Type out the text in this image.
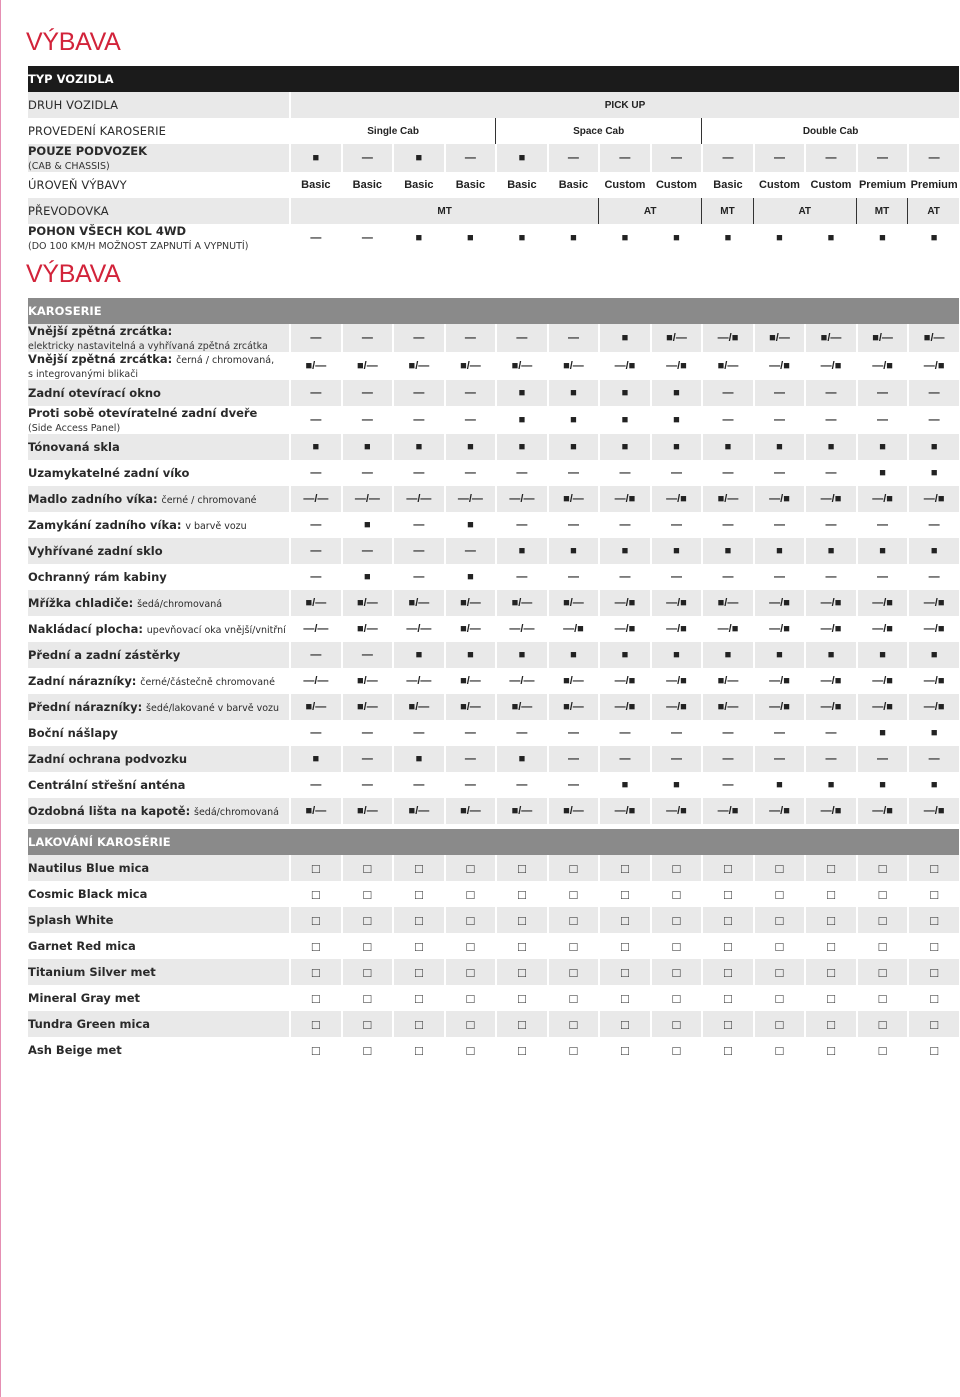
VÝBAVA
TYP VOZIDLA													
DRUH VOZIDLA	PICK UP												
PROVEDENÍ KAROSERIE	Single Cab				Space Cab				Double Cab				
POUZE PODVOZEK
(CAB & CHASSIS)	■	—	■	—	■	—	—	—	—	—	—	—	—
ÚROVEŇ VÝBAVY	Basic	Basic	Basic	Basic	Basic	Basic	Custom	Custom	Basic	Custom	Custom	Premium	Premium
PŘEVODOVKA	MT						AT		MT	AT		MT	AT
POHON VŠECH KOL 4WD
(DO 100 KM/H MOŽNOST ZAPNUTÍ A VYPNUTÍ)	—	—	■	■	■	■	■	■	■	■	■	■	■
VÝBAVA
KAROSERIE													
Vnější zpětná zrcátka:
elektricky nastavitelná a vyhřívaná zpětná zrcátka	—	—	—	—	—	—	■	■/—	—/■	■/—	■/—	■/—	■/—
Vnější zpětná zrcátka: černá / chromovaná,
s integrovanými blikači	■/—	■/—	■/—	■/—	■/—	■/—	—/■	—/■	■/—	—/■	—/■	—/■	—/■
Zadní otevírací okno	—	—	—	—	■	■	■	■	—	—	—	—	—
Proti sobě otevíratelné zadní dveře
(Side Access Panel)	—	—	—	—	■	■	■	■	—	—	—	—	—
Tónovaná skla	■	■	■	■	■	■	■	■	■	■	■	■	■
Uzamykatelné zadní víko	—	—	—	—	—	—	—	—	—	—	—	■	■
Madlo zadního víka: černé / chromované	—/—	—/—	—/—	—/—	—/—	■/—	—/■	—/■	■/—	—/■	—/■	—/■	—/■
Zamykání zadního víka: v barvě vozu	—	■	—	■	—	—	—	—	—	—	—	—	—
Vyhřívané zadní sklo	—	—	—	—	■	■	■	■	■	■	■	■	■
Ochranný rám kabiny	—	■	—	■	—	—	—	—	—	—	—	—	—
Mřížka chladiče: šedá/chromovaná	■/—	■/—	■/—	■/—	■/—	■/—	—/■	—/■	■/—	—/■	—/■	—/■	—/■
Nakládací plocha: upevňovací oka vnější/vnitřní	—/—	■/—	—/—	■/—	—/—	—/■	—/■	—/■	—/■	—/■	—/■	—/■	—/■
Přední a zadní zástěrky	—	—	■	■	■	■	■	■	■	■	■	■	■
Zadní nárazníky: černé/částečně chromované	—/—	■/—	—/—	■/—	—/—	■/—	—/■	—/■	■/—	—/■	—/■	—/■	—/■
Přední nárazníky: šedé/lakované v barvě vozu	■/—	■/—	■/—	■/—	■/—	■/—	—/■	—/■	■/—	—/■	—/■	—/■	—/■
Boční nášlapy	—	—	—	—	—	—	—	—	—	—	—	■	■
Zadní ochrana podvozku	■	—	■	—	■	—	—	—	—	—	—	—	—
Centrální střešní anténa	—	—	—	—	—	—	■	■	—	■	■	■	■
Ozdobná lišta na kapotě: šedá/chromovaná	■/—	■/—	■/—	■/—	■/—	■/—	—/■	—/■	—/■	—/■	—/■	—/■	—/■
LAKOVÁNÍ KAROSÉRIE													
Nautilus Blue mica	□	□	□	□	□	□	□	□	□	□	□	□	□
Cosmic Black mica	□	□	□	□	□	□	□	□	□	□	□	□	□
Splash White	□	□	□	□	□	□	□	□	□	□	□	□	□
Garnet Red mica	□	□	□	□	□	□	□	□	□	□	□	□	□
Titanium Silver met	□	□	□	□	□	□	□	□	□	□	□	□	□
Mineral Gray met	□	□	□	□	□	□	□	□	□	□	□	□	□
Tundra Green mica	□	□	□	□	□	□	□	□	□	□	□	□	□
Ash Beige met	□	□	□	□	□	□	□	□	□	□	□	□	□
